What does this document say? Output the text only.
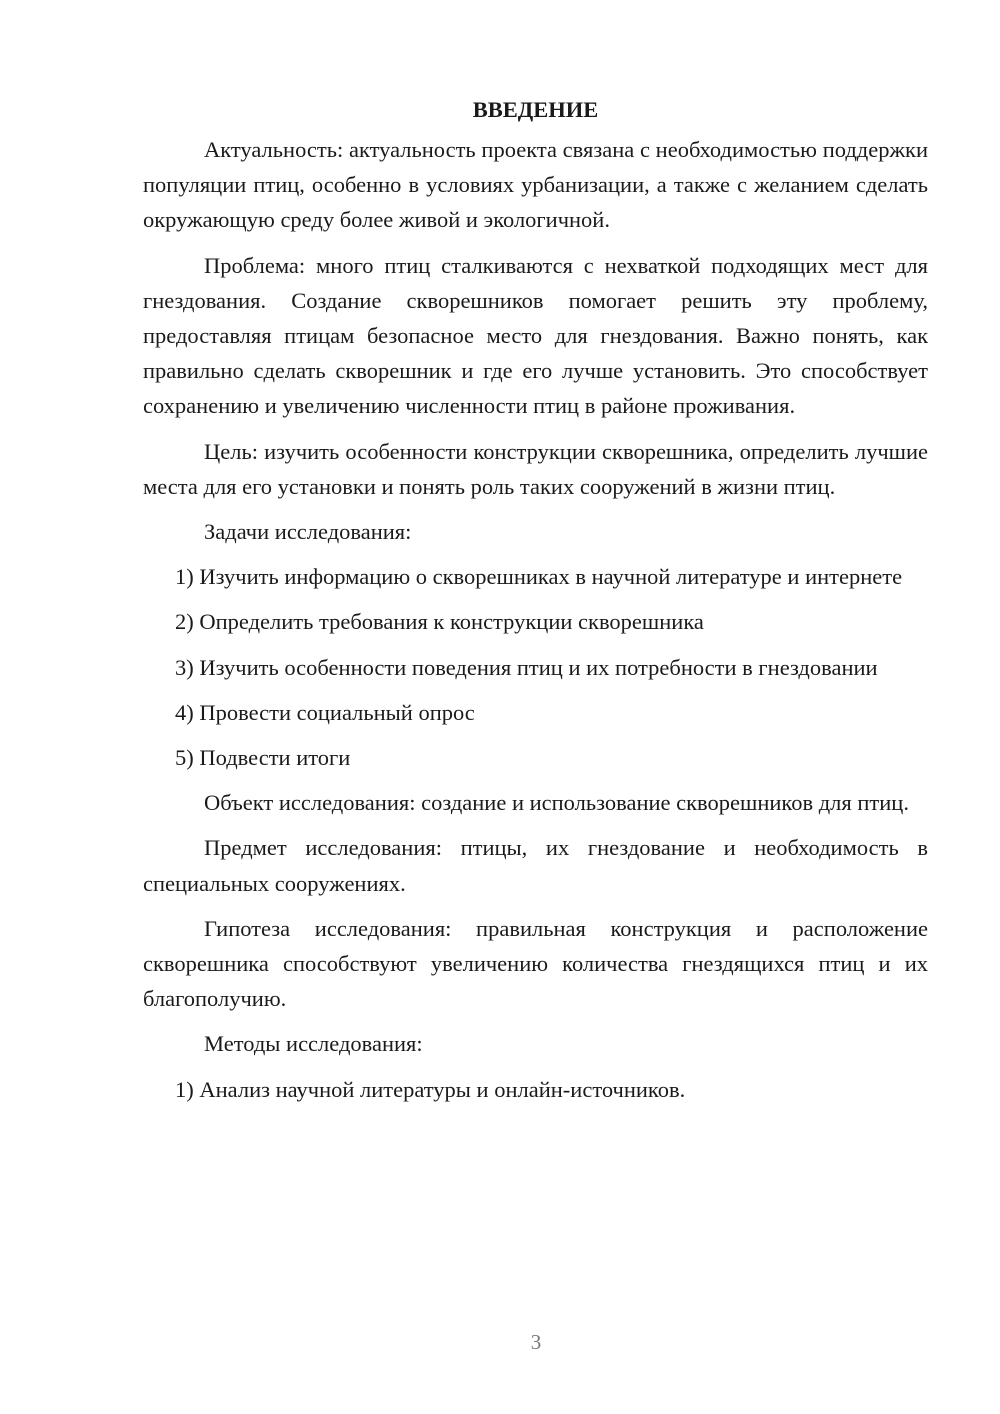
ВВЕДЕНИЕ

Актуальность: актуальность проекта связана с необходимостью поддержки популяции птиц, особенно в условиях урбанизации, а также с желанием сделать окружающую среду более живой и экологичной.

Проблема: много птиц сталкиваются с нехваткой подходящих мест для гнездования. Создание скворешников помогает решить эту проблему, предоставляя птицам безопасное место для гнездования. Важно понять, как правильно сделать скворешник и где его лучше установить. Это способствует сохранению и увеличению численности птиц в районе проживания.

Цель: изучить особенности конструкции скворешника, определить лучшие места для его установки и понять роль таких сооружений в жизни птиц.

Задачи исследования:

1) Изучить информацию о скворешниках в научной литературе и интернете

2) Определить требования к конструкции скворешника

3) Изучить особенности поведения птиц и их потребности в гнездовании

4) Провести социальный опрос

5) Подвести итоги

Объект исследования: создание и использование скворешников для птиц.

Предмет исследования: птицы, их гнездование и необходимость в специальных сооружениях.

Гипотеза исследования: правильная конструкция и расположение скворешника способствуют увеличению количества гнездящихся птиц и их благополучию.

Методы исследования:

1) Анализ научной литературы и онлайн-источников.

3
